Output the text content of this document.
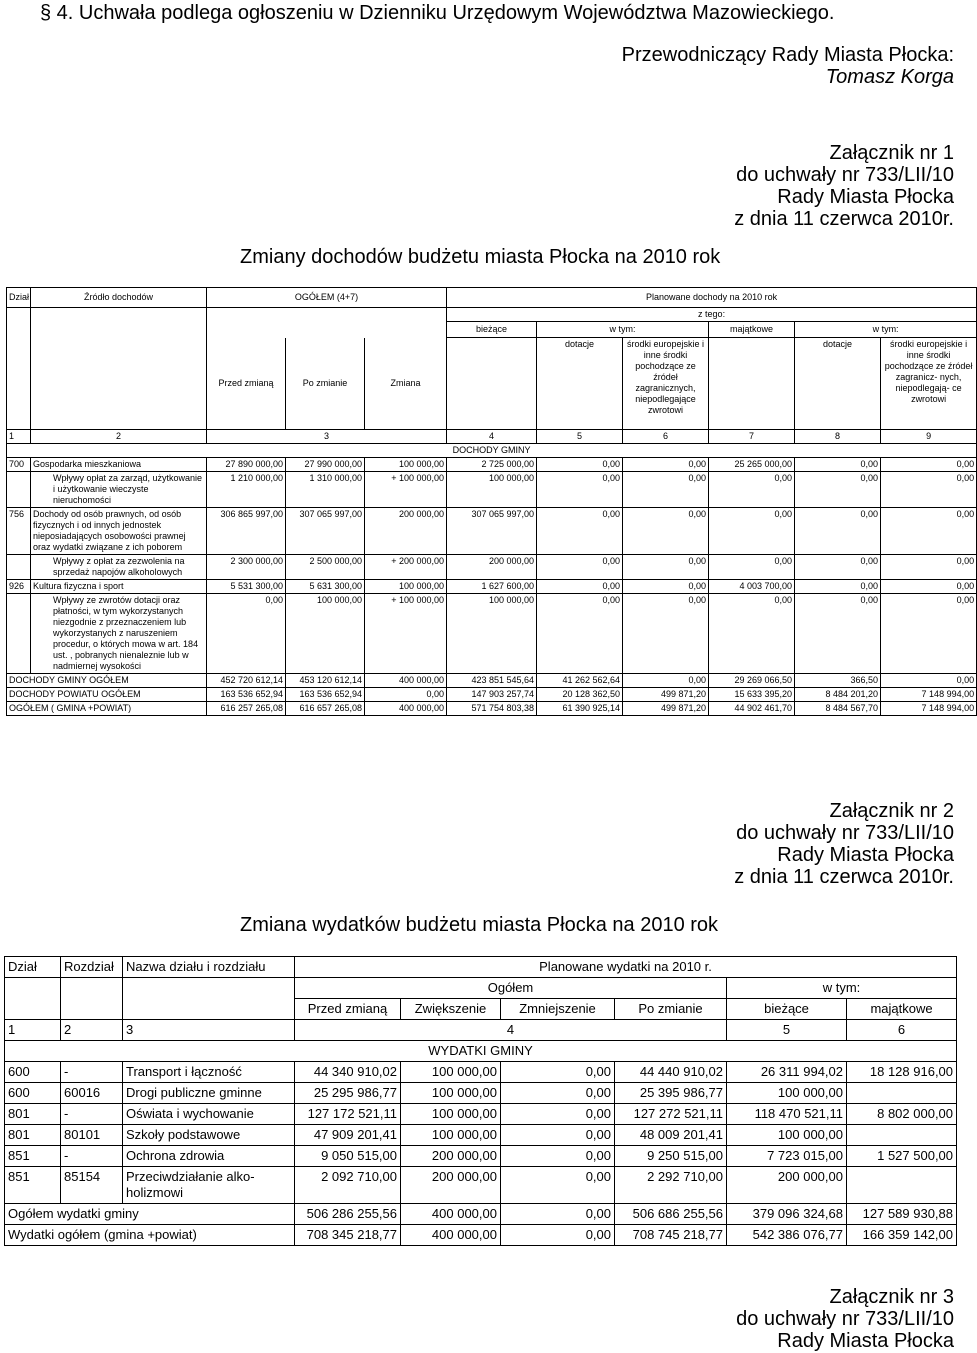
§ 4. Uchwała podlega ogłoszeniu w Dzienniku Urzędowym Województwa Mazowieckiego.
Przewodniczący Rady Miasta Płocka:
Tomasz Korga
Załącznik nr 1
do uchwały nr 733/LII/10
Rady Miasta Płocka
z dnia 11 czerwca 2010r.
Zmiany dochodów budżetu miasta Płocka na 2010 rok
Dział	Źródło dochodów	OGÓŁEM (4+7)			Planowane dochody na 2010 rok					
					z tego:					
					bieżące	w tym:		majątkowe	w tym:	
		Przed zmianą	Po zmianie	Zmiana		dotacje	środki europejskie i inne środki pochodzące ze źródeł zagranicznych, niepodlegające zwrotowi		dotacje	środki europejskie i inne środki pochodzące ze źródeł zagranicz- nych, niepodlegają- ce zwrotowi
1	2	3			4	5	6	7	8	9
DOCHODY GMINY										
700	Gospodarka mieszkaniowa	27 890 000,00	27 990 000,00	100 000,00	2 725 000,00	0,00	0,00	25 265 000,00	0,00	0,00
	Wpływy opłat za zarząd, użytkowanie i użytkowanie wieczyste nieruchomości	1 210 000,00	1 310 000,00	+ 100 000,00	100 000,00	0,00	0,00	0,00	0,00	0,00
756	Dochody od osób prawnych, od osób fizycznych i od innych jednostek nieposiadających osobowości prawnej oraz wydatki związane z ich poborem	306 865 997,00	307 065 997,00	200 000,00	307 065 997,00	0,00	0,00	0,00	0,00	0,00
	Wpływy z opłat za zezwolenia na sprzedaż napojów alkoholowych	2 300 000,00	2 500 000,00	+ 200 000,00	200 000,00	0,00	0,00	0,00	0,00	0,00
926	Kultura fizyczna i sport	5 531 300,00	5 631 300,00	100 000,00	1 627 600,00	0,00	0,00	4 003 700,00	0,00	0,00
	Wpływy ze zwrotów dotacji oraz płatności, w tym wykorzystanych niezgodnie z przeznaczeniem lub wykorzystanych z naruszeniem procedur, o których mowa w art. 184 ust. , pobranych nienaleznie lub w nadmiernej wysokości	0,00	100 000,00	+ 100 000,00	100 000,00	0,00	0,00	0,00	0,00	0,00
DOCHODY GMINY OGÓŁEM		452 720 612,14	453 120 612,14	400 000,00	423 851 545,64	41 262 562,64	0,00	29 269 066,50	366,50	0,00
DOCHODY POWIATU OGÓŁEM		163 536 652,94	163 536 652,94	0,00	147 903 257,74	20 128 362,50	499 871,20	15 633 395,20	8 484 201,20	7 148 994,00
OGÓŁEM ( GMINA +POWIAT)		616 257 265,08	616 657 265,08	400 000,00	571 754 803,38	61 390 925,14	499 871,20	44 902 461,70	8 484 567,70	7 148 994,00
Załącznik nr 2
do uchwały nr 733/LII/10
Rady Miasta Płocka
z dnia 11 czerwca 2010r.
Zmiana wydatków budżetu miasta Płocka na 2010 rok
Dział	Rozdział	Nazwa działu i rozdziału	Planowane wydatki na 2010 r.					
			Ogółem				w tym:	
			Przed zmianą	Zwiększenie	Zmniejszenie	Po zmianie	bieżące	majątkowe
1	2	3	4				5	6
WYDATKI GMINY								
600	-	Transport i łączność	44 340 910,02	100 000,00	0,00	44 440 910,02	26 311 994,02	18 128 916,00
600	60016	Drogi publiczne gminne	25 295 986,77	100 000,00	0,00	25 395 986,77	100 000,00	
801	-	Oświata i wychowanie	127 172 521,11	100 000,00	0,00	127 272 521,11	118 470 521,11	8 802 000,00
801	80101	Szkoły podstawowe	47 909 201,41	100 000,00	0,00	48 009 201,41	100 000,00	
851	-	Ochrona zdrowia	9 050 515,00	200 000,00	0,00	9 250 515,00	7 723 015,00	1 527 500,00
851	85154	Przeciwdziałanie alko- holizmowi	2 092 710,00	200 000,00	0,00	2 292 710,00	200 000,00	
Ogółem wydatki gminy			506 286 255,56	400 000,00	0,00	506 686 255,56	379 096 324,68	127 589 930,88
Wydatki ogółem (gmina +powiat)			708 345 218,77	400 000,00	0,00	708 745 218,77	542 386 076,77	166 359 142,00
Załącznik nr 3
do uchwały nr 733/LII/10
Rady Miasta Płocka
